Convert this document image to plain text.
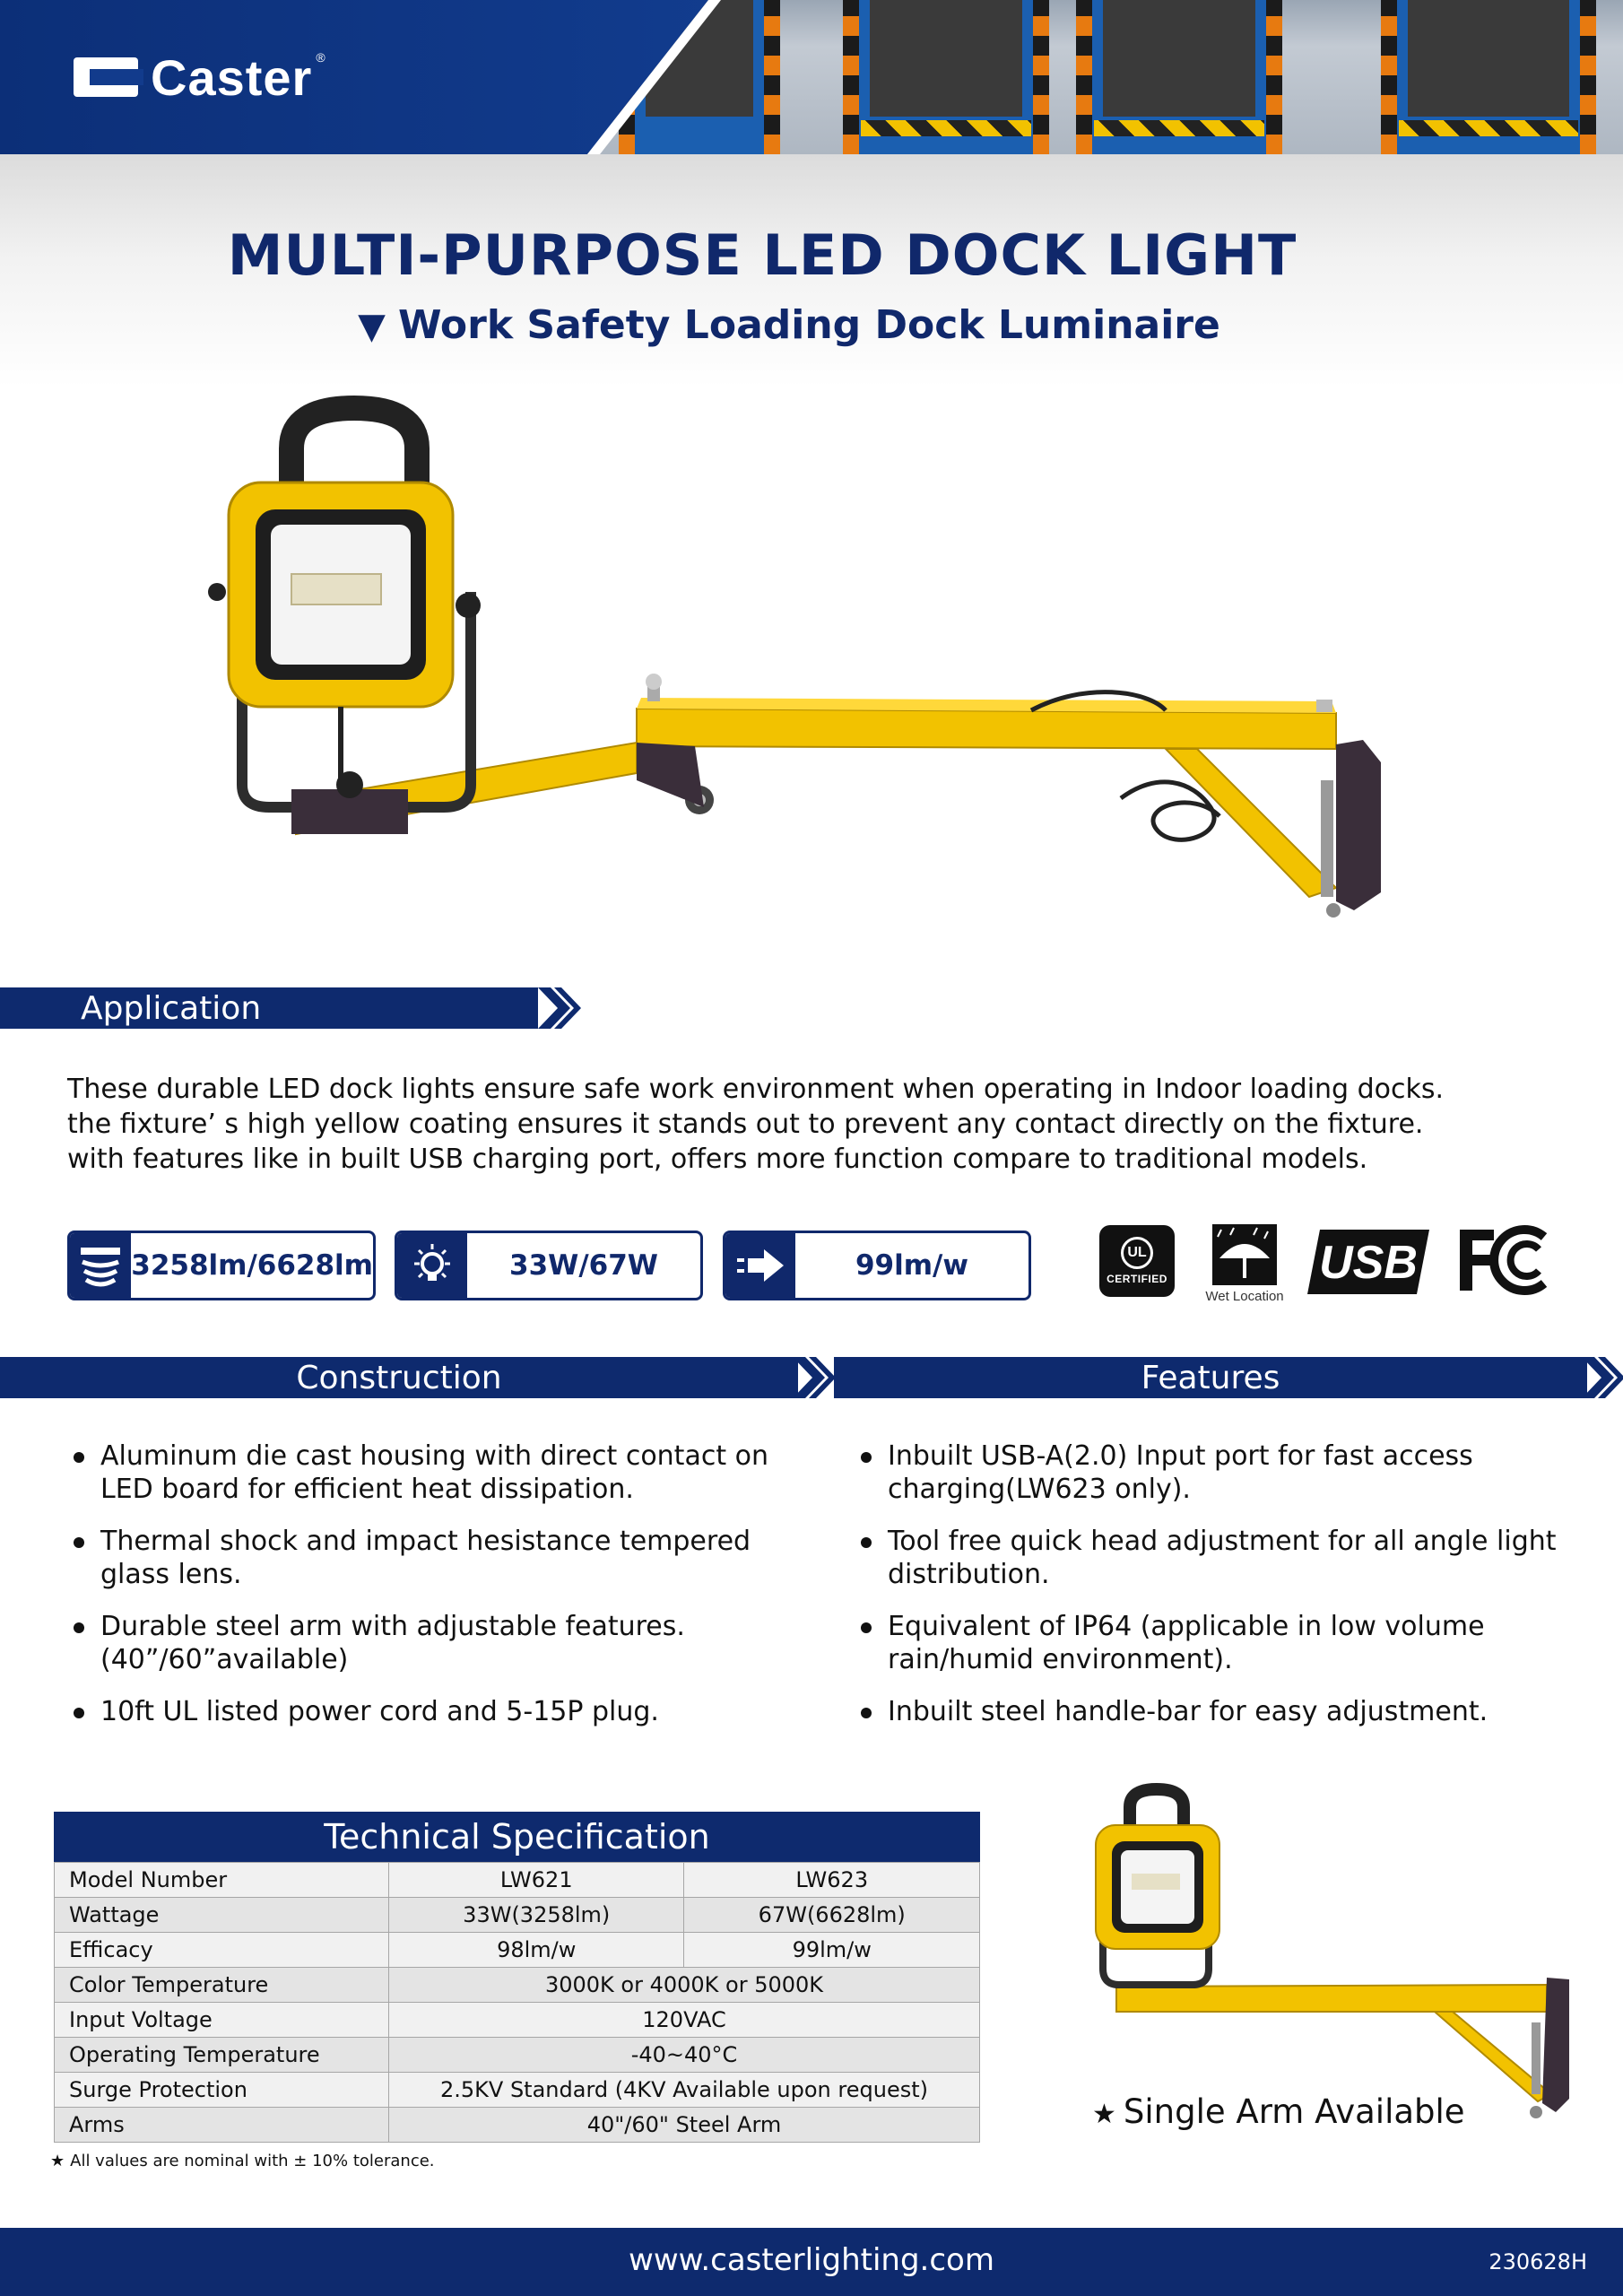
Caster ®
MULTI-PURPOSE LED DOCK LIGHT
▼ Work Safety Loading Dock Luminaire
Application

These durable LED dock lights ensure safe work environment when operating in Indoor loading docks.

the fixture’ s high yellow coating ensures it stands out to prevent any contact directly on the fixture.

with features like in built USB charging port, offers more function compare to traditional models.

3258lm/6628lm	33W/67W	99lm/w	UL
CERTIFIED
Wet Location
USB
Construction	Features
Aluminum die cast housing with direct contact on LED board for efficient heat dissipation.
Thermal shock and impact hesistance tempered glass lens.
Durable steel arm with adjustable features. (40”/60”available)
10ft UL listed power cord and 5-15P plug.
Inbuilt USB-A(2.0) Input port for fast access charging(LW623 only).
Tool free quick head adjustment for all angle light distribution.
Equivalent of IP64 (applicable in low volume rain/humid environment).
Inbuilt steel handle-bar for easy adjustment.
Technical Specification
Model Number	LW621	LW623
Wattage	33W(3258lm)	67W(6628lm)
Efficacy	98lm/w	99lm/w
Color Temperature	3000K or 4000K or 5000K	
Input Voltage	120VAC	
Operating Temperature	-40~40°C	
Surge Protection	2.5KV Standard (4KV Available upon request)	
Arms	40"/60" Steel Arm	
★ All values are nominal with ± 10% tolerance.
★ Single Arm Available
www.casterlighting.com	230628H
